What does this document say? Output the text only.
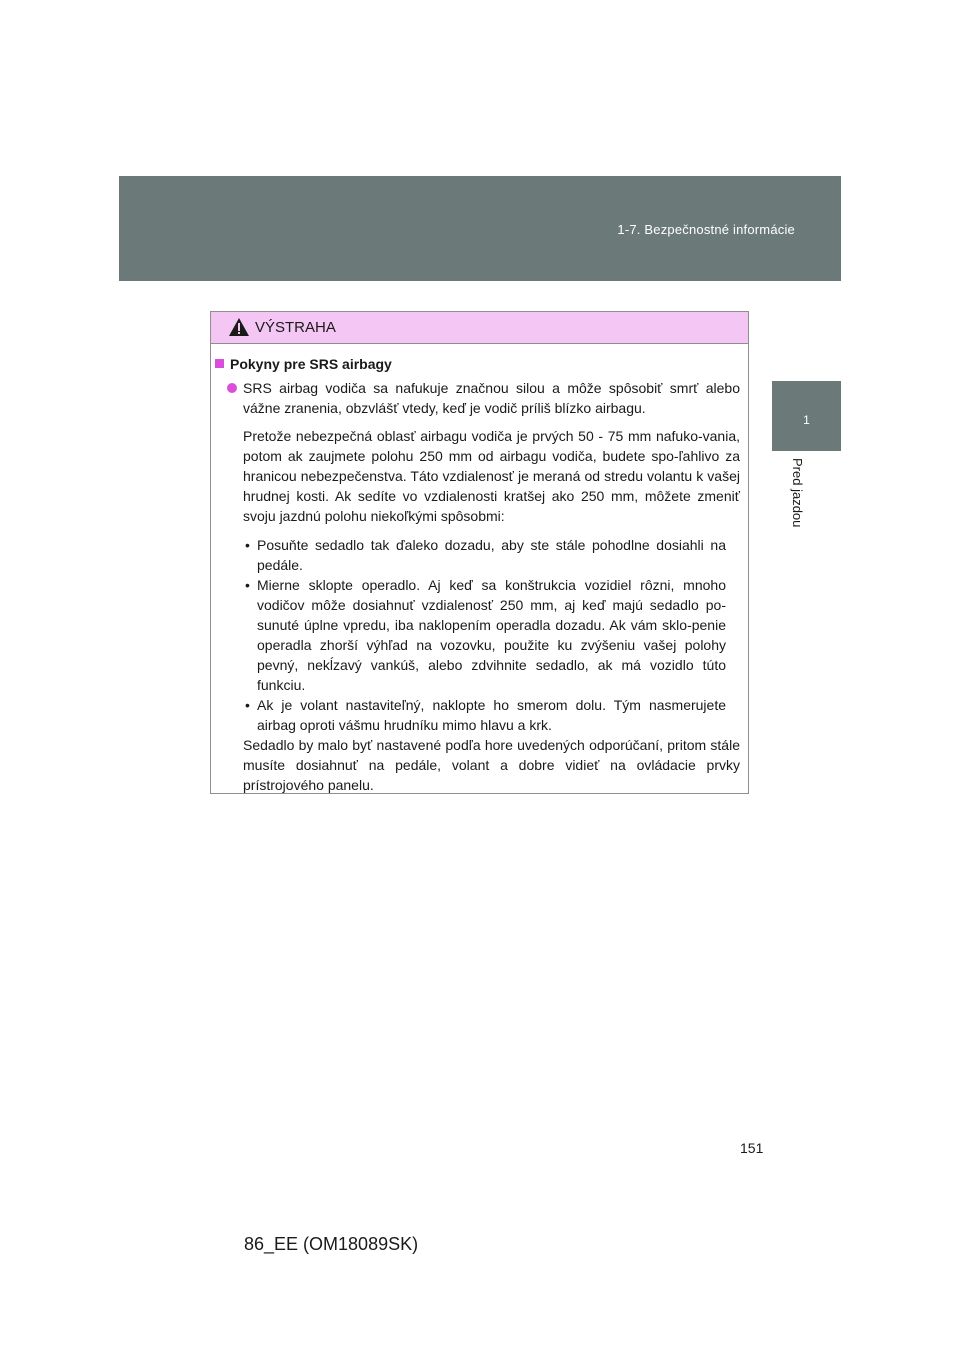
1-7. Bezpečnostné informácie
1
Pred jazdou
VÝSTRAHA
Pokyny pre SRS airbagy
SRS airbag vodiča sa nafukuje značnou silou a môže spôsobiť smrť alebo vážne zranenia, obzvlášť vtedy, keď je vodič príliš blízko airbagu.
Pretože nebezpečná oblasť airbagu vodiča je prvých 50 - 75 mm nafuko-vania, potom ak zaujmete polohu 250 mm od airbagu vodiča, budete spo-ľahlivo za hranicou nebezpečenstva. Táto vzdialenosť je meraná od stredu volantu k vašej hrudnej kosti. Ak sedíte vo vzdialenosti kratšej ako 250 mm, môžete zmeniť svoju jazdnú polohu niekoľkými spôsobmi:
• Posuňte sedadlo tak ďaleko dozadu, aby ste stále pohodlne dosiahli na pedále.
• Mierne sklopte operadlo. Aj keď sa konštrukcia vozidiel rôzni, mnoho vodičov môže dosiahnuť vzdialenosť 250 mm, aj keď majú sedadlo po-sunuté úplne vpredu, iba naklopením operadla dozadu. Ak vám sklo-penie operadla zhorší výhľad na vozovku, použite ku zvýšeniu vašej polohy pevný, nekĺzavý vankúš, alebo zdvihnite sedadlo, ak má vozidlo túto funkciu.
• Ak je volant nastaviteľný, naklopte ho smerom dolu. Tým nasmerujete airbag oproti vášmu hrudníku mimo hlavu a krk.
Sedadlo by malo byť nastavené podľa hore uvedených odporúčaní, pritom stále musíte dosiahnuť na pedále, volant a dobre vidieť na ovládacie prvky prístrojového panelu.
151
86_EE (OM18089SK)
